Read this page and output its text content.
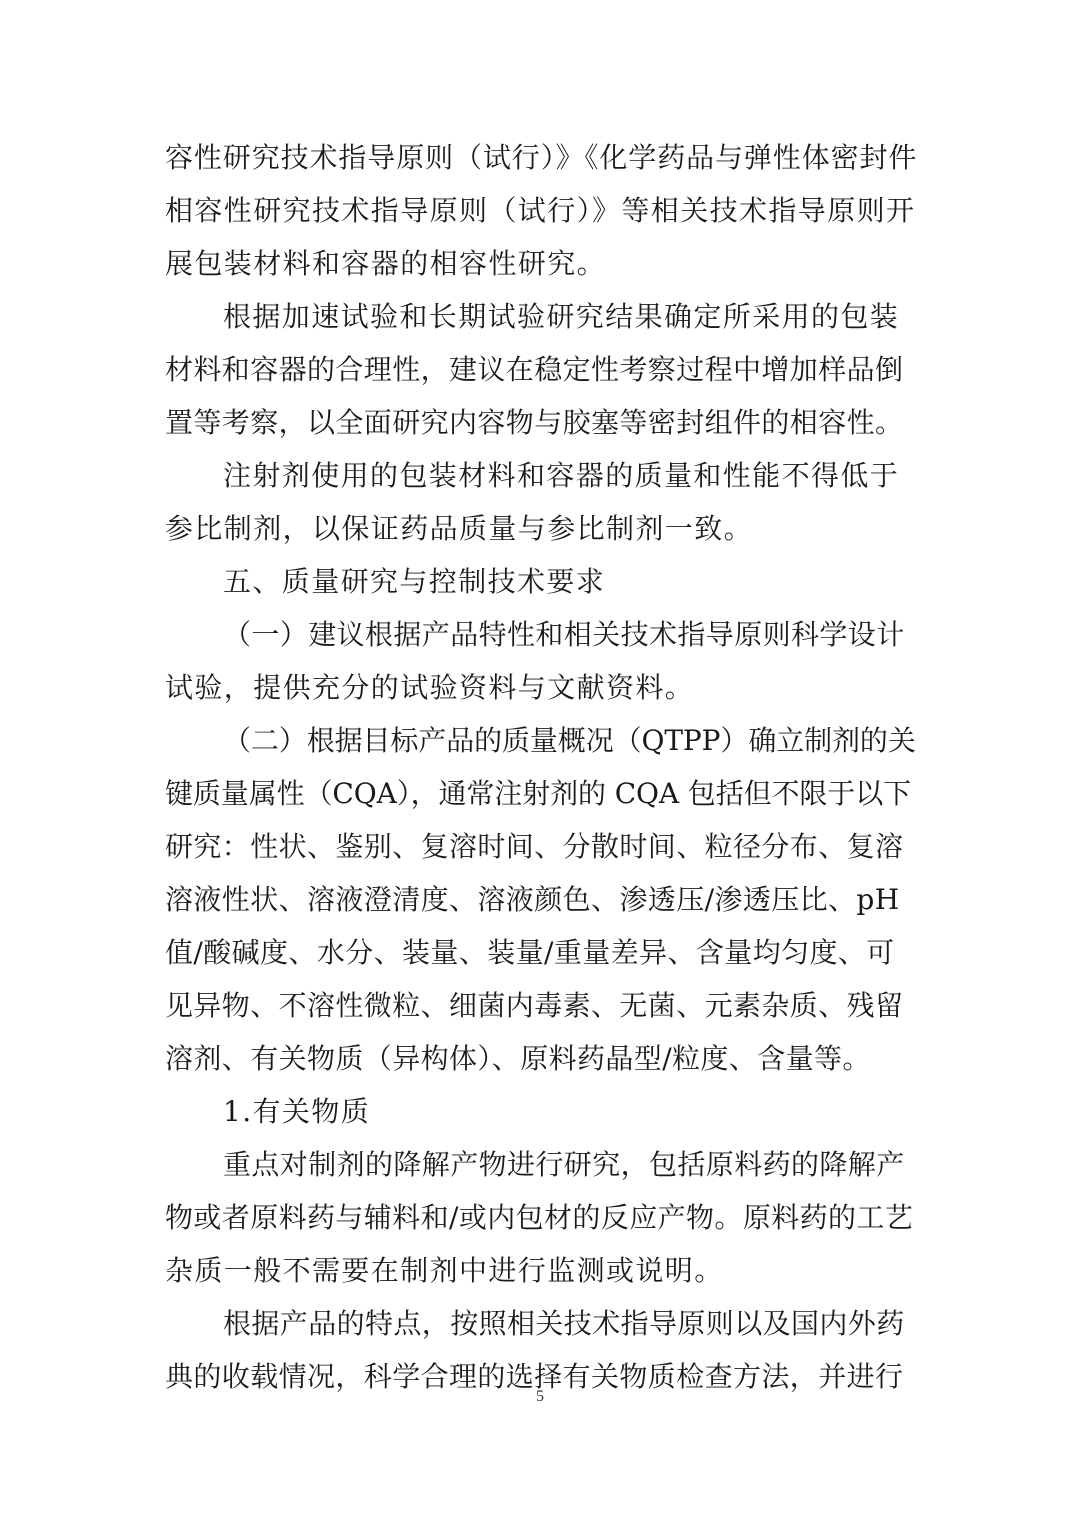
容性研究技术指导原则（试行）》《化学药品与弹性体密封件
相容性研究技术指导原则（试行）》等相关技术指导原则开
展包装材料和容器的相容性研究。
根据加速试验和长期试验研究结果确定所采用的包装
材料和容器的合理性，建议在稳定性考察过程中增加样品倒
置等考察，以全面研究内容物与胶塞等密封组件的相容性。
注射剂使用的包装材料和容器的质量和性能不得低于
参比制剂，以保证药品质量与参比制剂一致。
五、质量研究与控制技术要求
（一）建议根据产品特性和相关技术指导原则科学设计
试验，提供充分的试验资料与文献资料。
（二）根据目标产品的质量概况（QTPP）确立制剂的关
键质量属性（CQA），通常注射剂的 CQA 包括但不限于以下
研究：性状、鉴别、复溶时间、分散时间、粒径分布、复溶
溶液性状、溶液澄清度、溶液颜色、渗透压/渗透压比、pH
值/酸碱度、水分、装量、装量/重量差异、含量均匀度、可
见异物、不溶性微粒、细菌内毒素、无菌、元素杂质、残留
溶剂、有关物质（异构体）、原料药晶型/粒度、含量等。
1.有关物质
重点对制剂的降解产物进行研究，包括原料药的降解产
物或者原料药与辅料和/或内包材的反应产物。原料药的工艺
杂质一般不需要在制剂中进行监测或说明。
根据产品的特点，按照相关技术指导原则以及国内外药
典的收载情况，科学合理的选择有关物质检查方法，并进行
5
